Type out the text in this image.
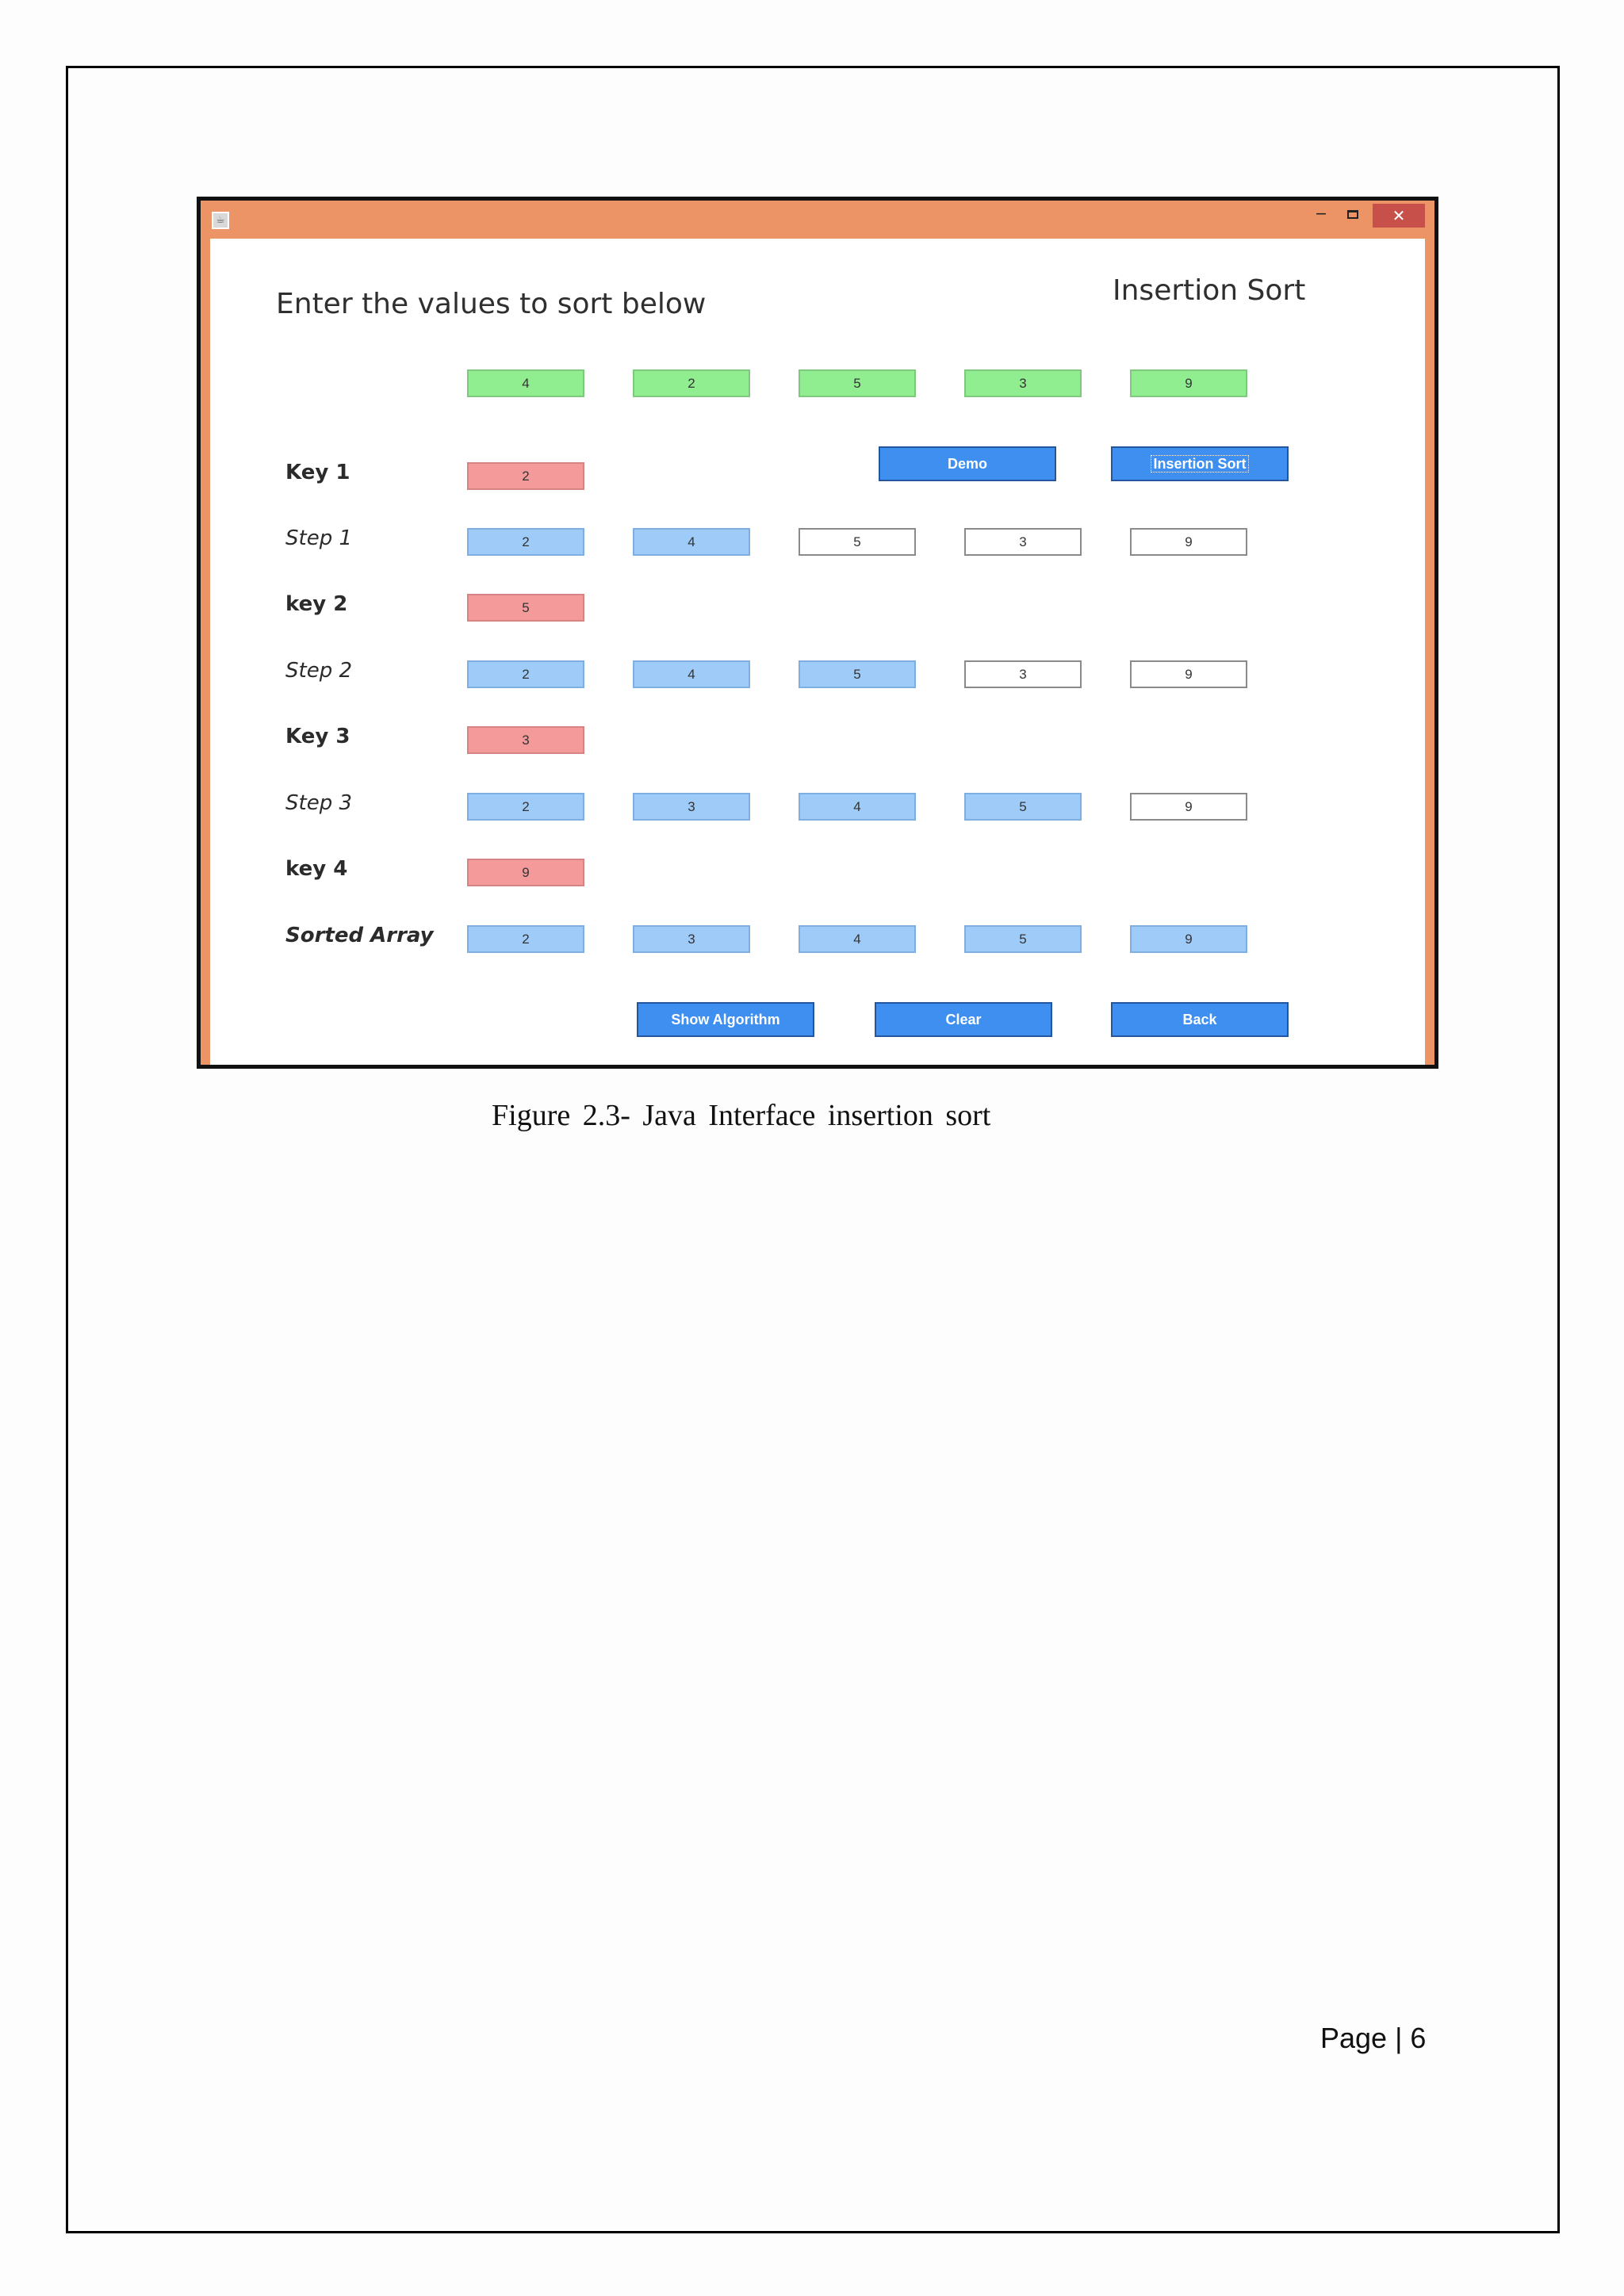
☕	‒	✕
Enter the values to sort below	Insertion Sort
4	2	5	3	9
Demo	Insertion Sort
Key 1	2
Step 1	2	4	5	3	9
key 2	5
Step 2	2	4	5	3	9
Key 3	3
Step 3	2	3	4	5	9
key 4	9
Sorted Array	2	3	4	5	9
Show Algorithm	Clear	Back
Figure 2.3- Java Interface insertion sort
Page | 6
